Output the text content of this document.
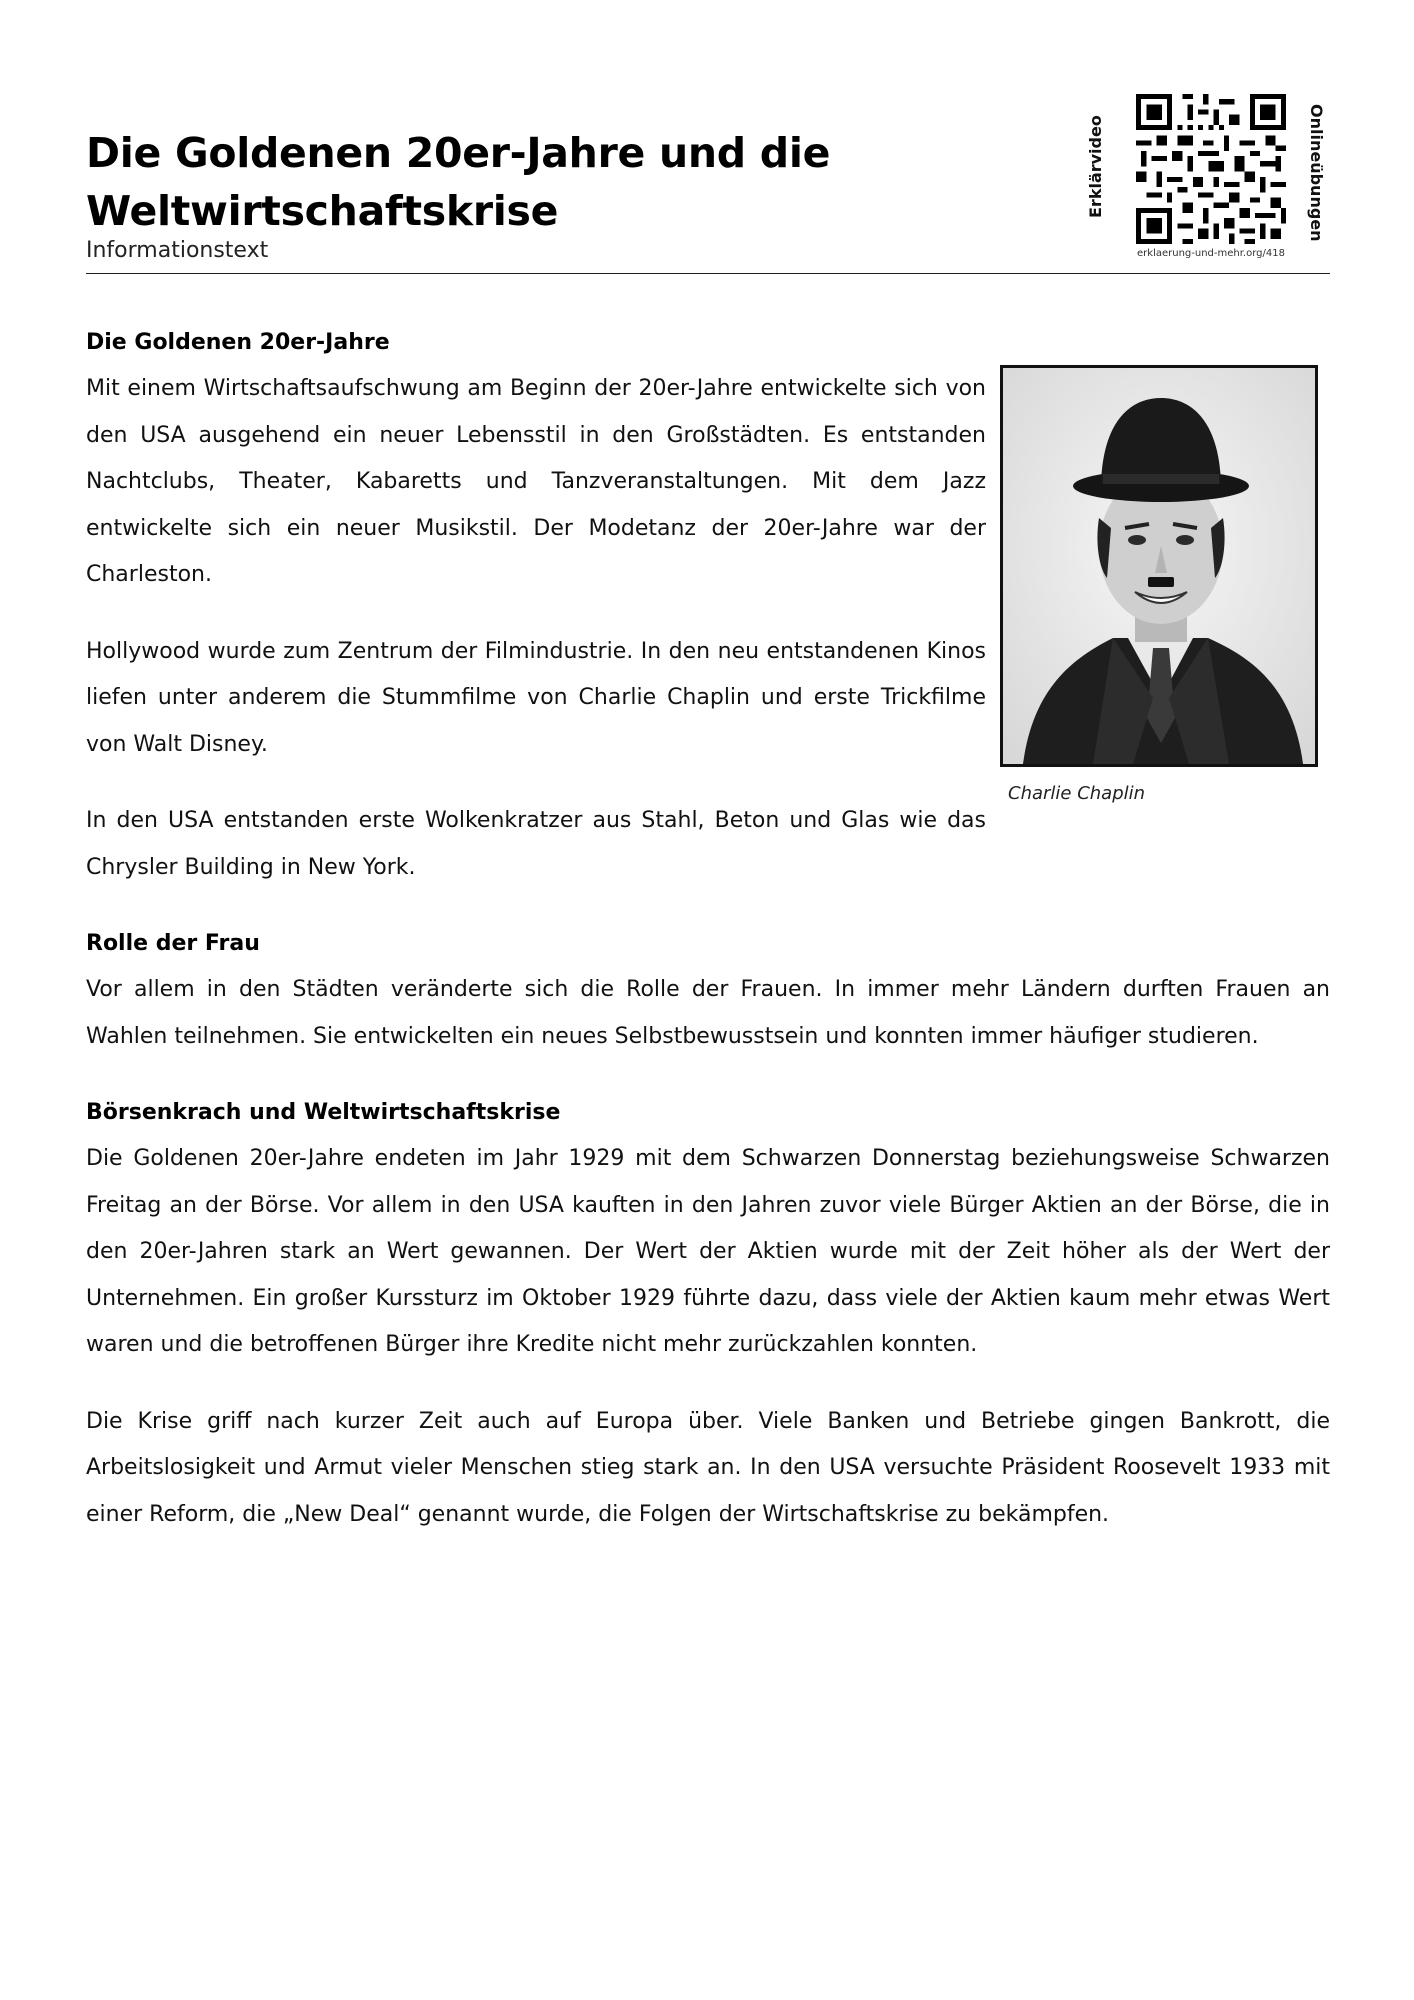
Die Goldenen 20er-Jahre und die Weltwirtschaftskrise
Informationstext
Erklärvideo
erklaerung-und-mehr.org/418
Onlineübungen
Charlie Chaplin
Die Goldenen 20er-Jahre

Mit einem Wirtschaftsaufschwung am Beginn der 20er-Jahre entwickelte sich von den USA ausgehend ein neuer Lebensstil in den Großstädten. Es entstanden Nachtclubs, Theater, Kabaretts und Tanzveranstaltungen. Mit dem Jazz entwickelte sich ein neuer Musikstil. Der Modetanz der 20er-Jahre war der Charleston.

Hollywood wurde zum Zentrum der Filmindustrie. In den neu entstandenen Kinos liefen unter anderem die Stummfilme von Charlie Chaplin und erste Trickfilme von Walt Disney.

In den USA entstanden erste Wolkenkratzer aus Stahl, Beton und Glas wie das Chrysler Building in New York.

Rolle der Frau

Vor allem in den Städten veränderte sich die Rolle der Frauen. In immer mehr Ländern durften Frauen an Wahlen teilnehmen. Sie entwickelten ein neues Selbstbewusstsein und konnten immer häufiger studieren.

Börsenkrach und Weltwirtschaftskrise

Die Goldenen 20er-Jahre endeten im Jahr 1929 mit dem Schwarzen Donnerstag beziehungsweise Schwarzen Freitag an der Börse. Vor allem in den USA kauften in den Jahren zuvor viele Bürger Aktien an der Börse, die in den 20er-Jahren stark an Wert gewannen. Der Wert der Aktien wurde mit der Zeit höher als der Wert der Unternehmen. Ein großer Kurssturz im Oktober 1929 führte dazu, dass viele der Aktien kaum mehr etwas Wert waren und die betroffenen Bürger ihre Kredite nicht mehr zurückzahlen konnten.

Die Krise griff nach kurzer Zeit auch auf Europa über. Viele Banken und Betriebe gingen Bankrott, die Arbeitslosigkeit und Armut vieler Menschen stieg stark an. In den USA versuchte Präsident Roosevelt 1933 mit einer Reform, die „New Deal“ genannt wurde, die Folgen der Wirtschaftskrise zu bekämpfen.
